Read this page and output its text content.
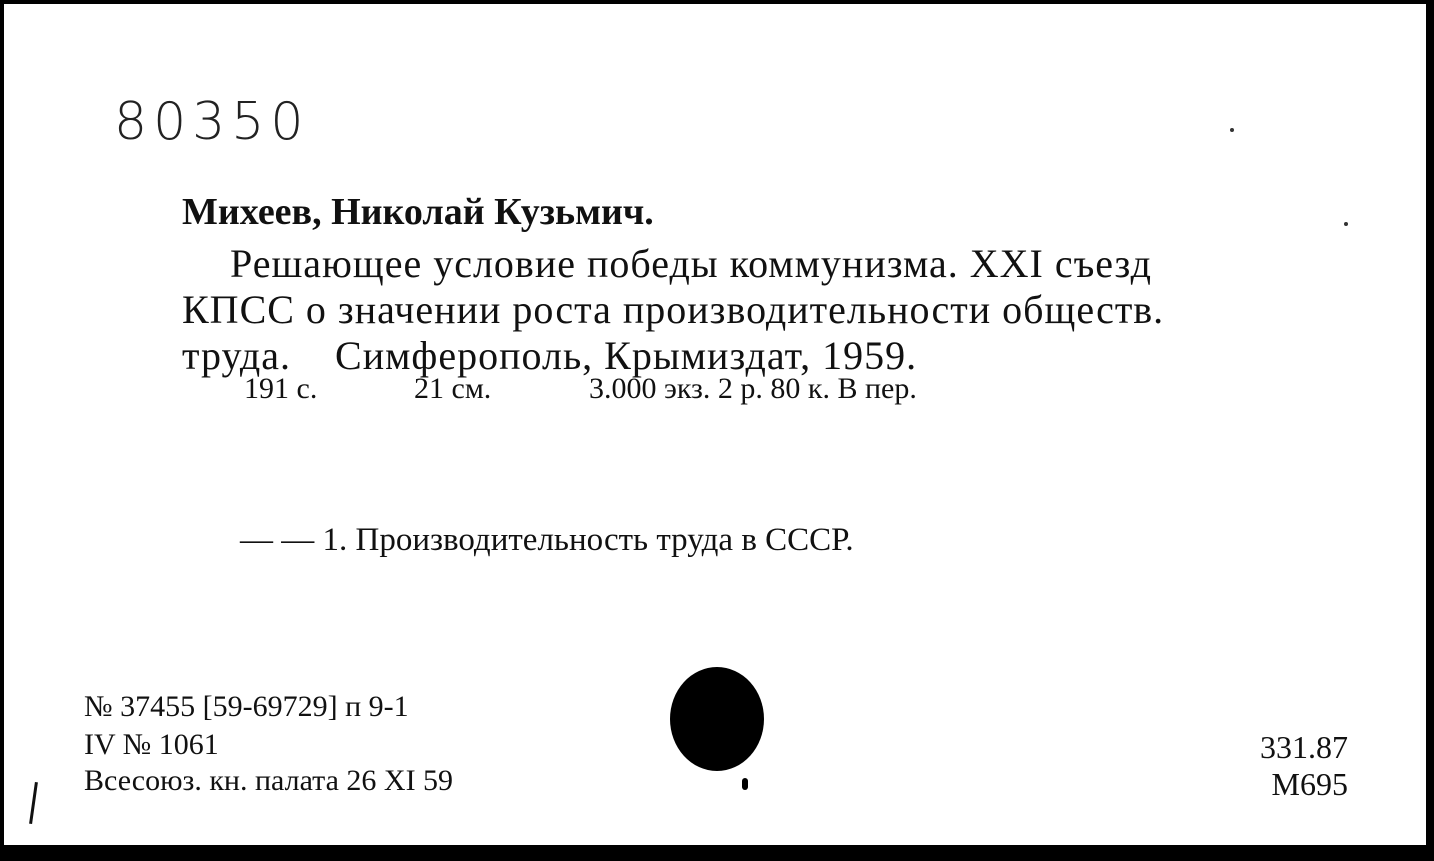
80350
Михеев, Николай Кузьмич.
Решающее условие победы коммунизма. XXI съезд
КПСС о значении роста производительности обществ.
труда.    Симферополь, Крымиздат, 1959.
191 с.	21 см.	3.000 экз. 2 р. 80 к. В пер.
— — 1. Производительность труда в СССР.
№ 37455 [59-69729] п 9-1
IV № 1061
Всесоюз. кн. палата 26 XI 59
331.87
М695
